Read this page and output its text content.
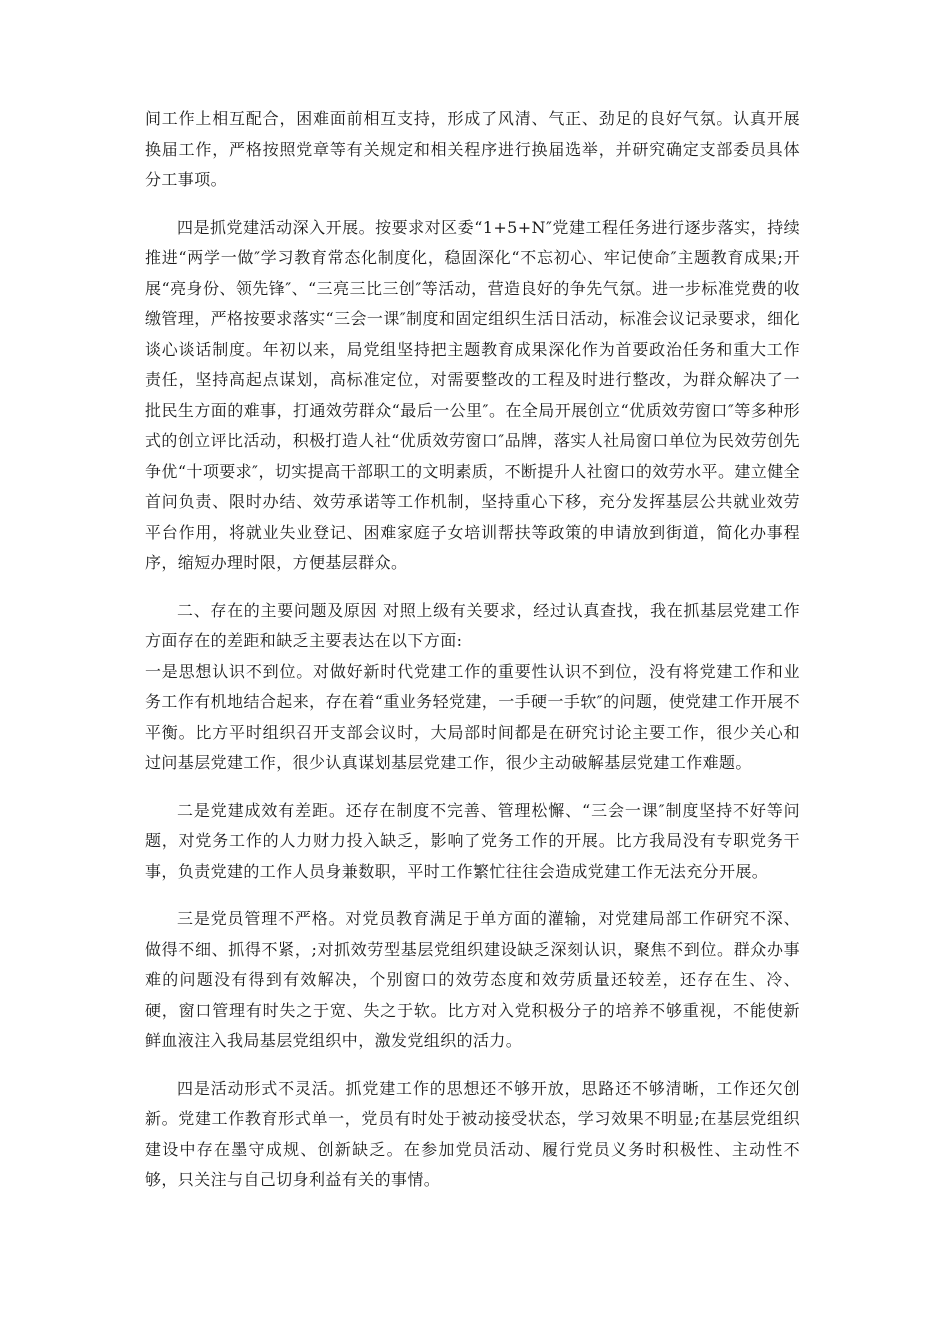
间工作上相互配合，困难面前相互支持，形成了风清、气正、劲足的良好气氛。认真开展换届工作，严格按照党章等有关规定和相关程序进行换届选举，并研究确定支部委员具体分工事项。

四是抓党建活动深入开展。按要求对区委“1+5+N″党建工程任务进行逐步落实，持续推进“两学一做″学习教育常态化制度化，稳固深化“不忘初心、牢记使命″主题教育成果;开展“亮身份、领先锋″、“三亮三比三创″等活动，营造良好的争先气氛。进一步标准党费的收缴管理，严格按要求落实“三会一课″制度和固定组织生活日活动，标准会议记录要求，细化谈心谈话制度。年初以来，局党组坚持把主题教育成果深化作为首要政治任务和重大工作责任，坚持高起点谋划，高标准定位，对需要整改的工程及时进行整改，为群众解决了一批民生方面的难事，打通效劳群众“最后一公里″。在全局开展创立“优质效劳窗口″等多种形式的创立评比活动，积极打造人社“优质效劳窗口″品牌，落实人社局窗口单位为民效劳创先争优“十项要求″，切实提高干部职工的文明素质，不断提升人社窗口的效劳水平。建立健全首问负责、限时办结、效劳承诺等工作机制，坚持重心下移，充分发挥基层公共就业效劳平台作用，将就业失业登记、困难家庭子女培训帮扶等政策的申请放到街道，简化办事程序，缩短办理时限，方便基层群众。

二、存在的主要问题及原因 对照上级有关要求，经过认真查找，我在抓基层党建工作方面存在的差距和缺乏主要表达在以下方面:

一是思想认识不到位。对做好新时代党建工作的重要性认识不到位，没有将党建工作和业务工作有机地结合起来，存在着“重业务轻党建，一手硬一手软″的问题，使党建工作开展不平衡。比方平时组织召开支部会议时，大局部时间都是在研究讨论主要工作，很少关心和过问基层党建工作，很少认真谋划基层党建工作，很少主动破解基层党建工作难题。

二是党建成效有差距。还存在制度不完善、管理松懈、“三会一课″制度坚持不好等问题，对党务工作的人力财力投入缺乏，影响了党务工作的开展。比方我局没有专职党务干事，负责党建的工作人员身兼数职，平时工作繁忙往往会造成党建工作无法充分开展。

三是党员管理不严格。对党员教育满足于单方面的灌输，对党建局部工作研究不深、做得不细、抓得不紧，;对抓效劳型基层党组织建设缺乏深刻认识，聚焦不到位。群众办事难的问题没有得到有效解决，个别窗口的效劳态度和效劳质量还较差，还存在生、冷、硬，窗口管理有时失之于宽、失之于软。比方对入党积极分子的培养不够重视，不能使新鲜血液注入我局基层党组织中，激发党组织的活力。

四是活动形式不灵活。抓党建工作的思想还不够开放，思路还不够清晰，工作还欠创新。党建工作教育形式单一，党员有时处于被动接受状态，学习效果不明显;在基层党组织建设中存在墨守成规、创新缺乏。在参加党员活动、履行党员义务时积极性、主动性不够，只关注与自己切身利益有关的事情。
